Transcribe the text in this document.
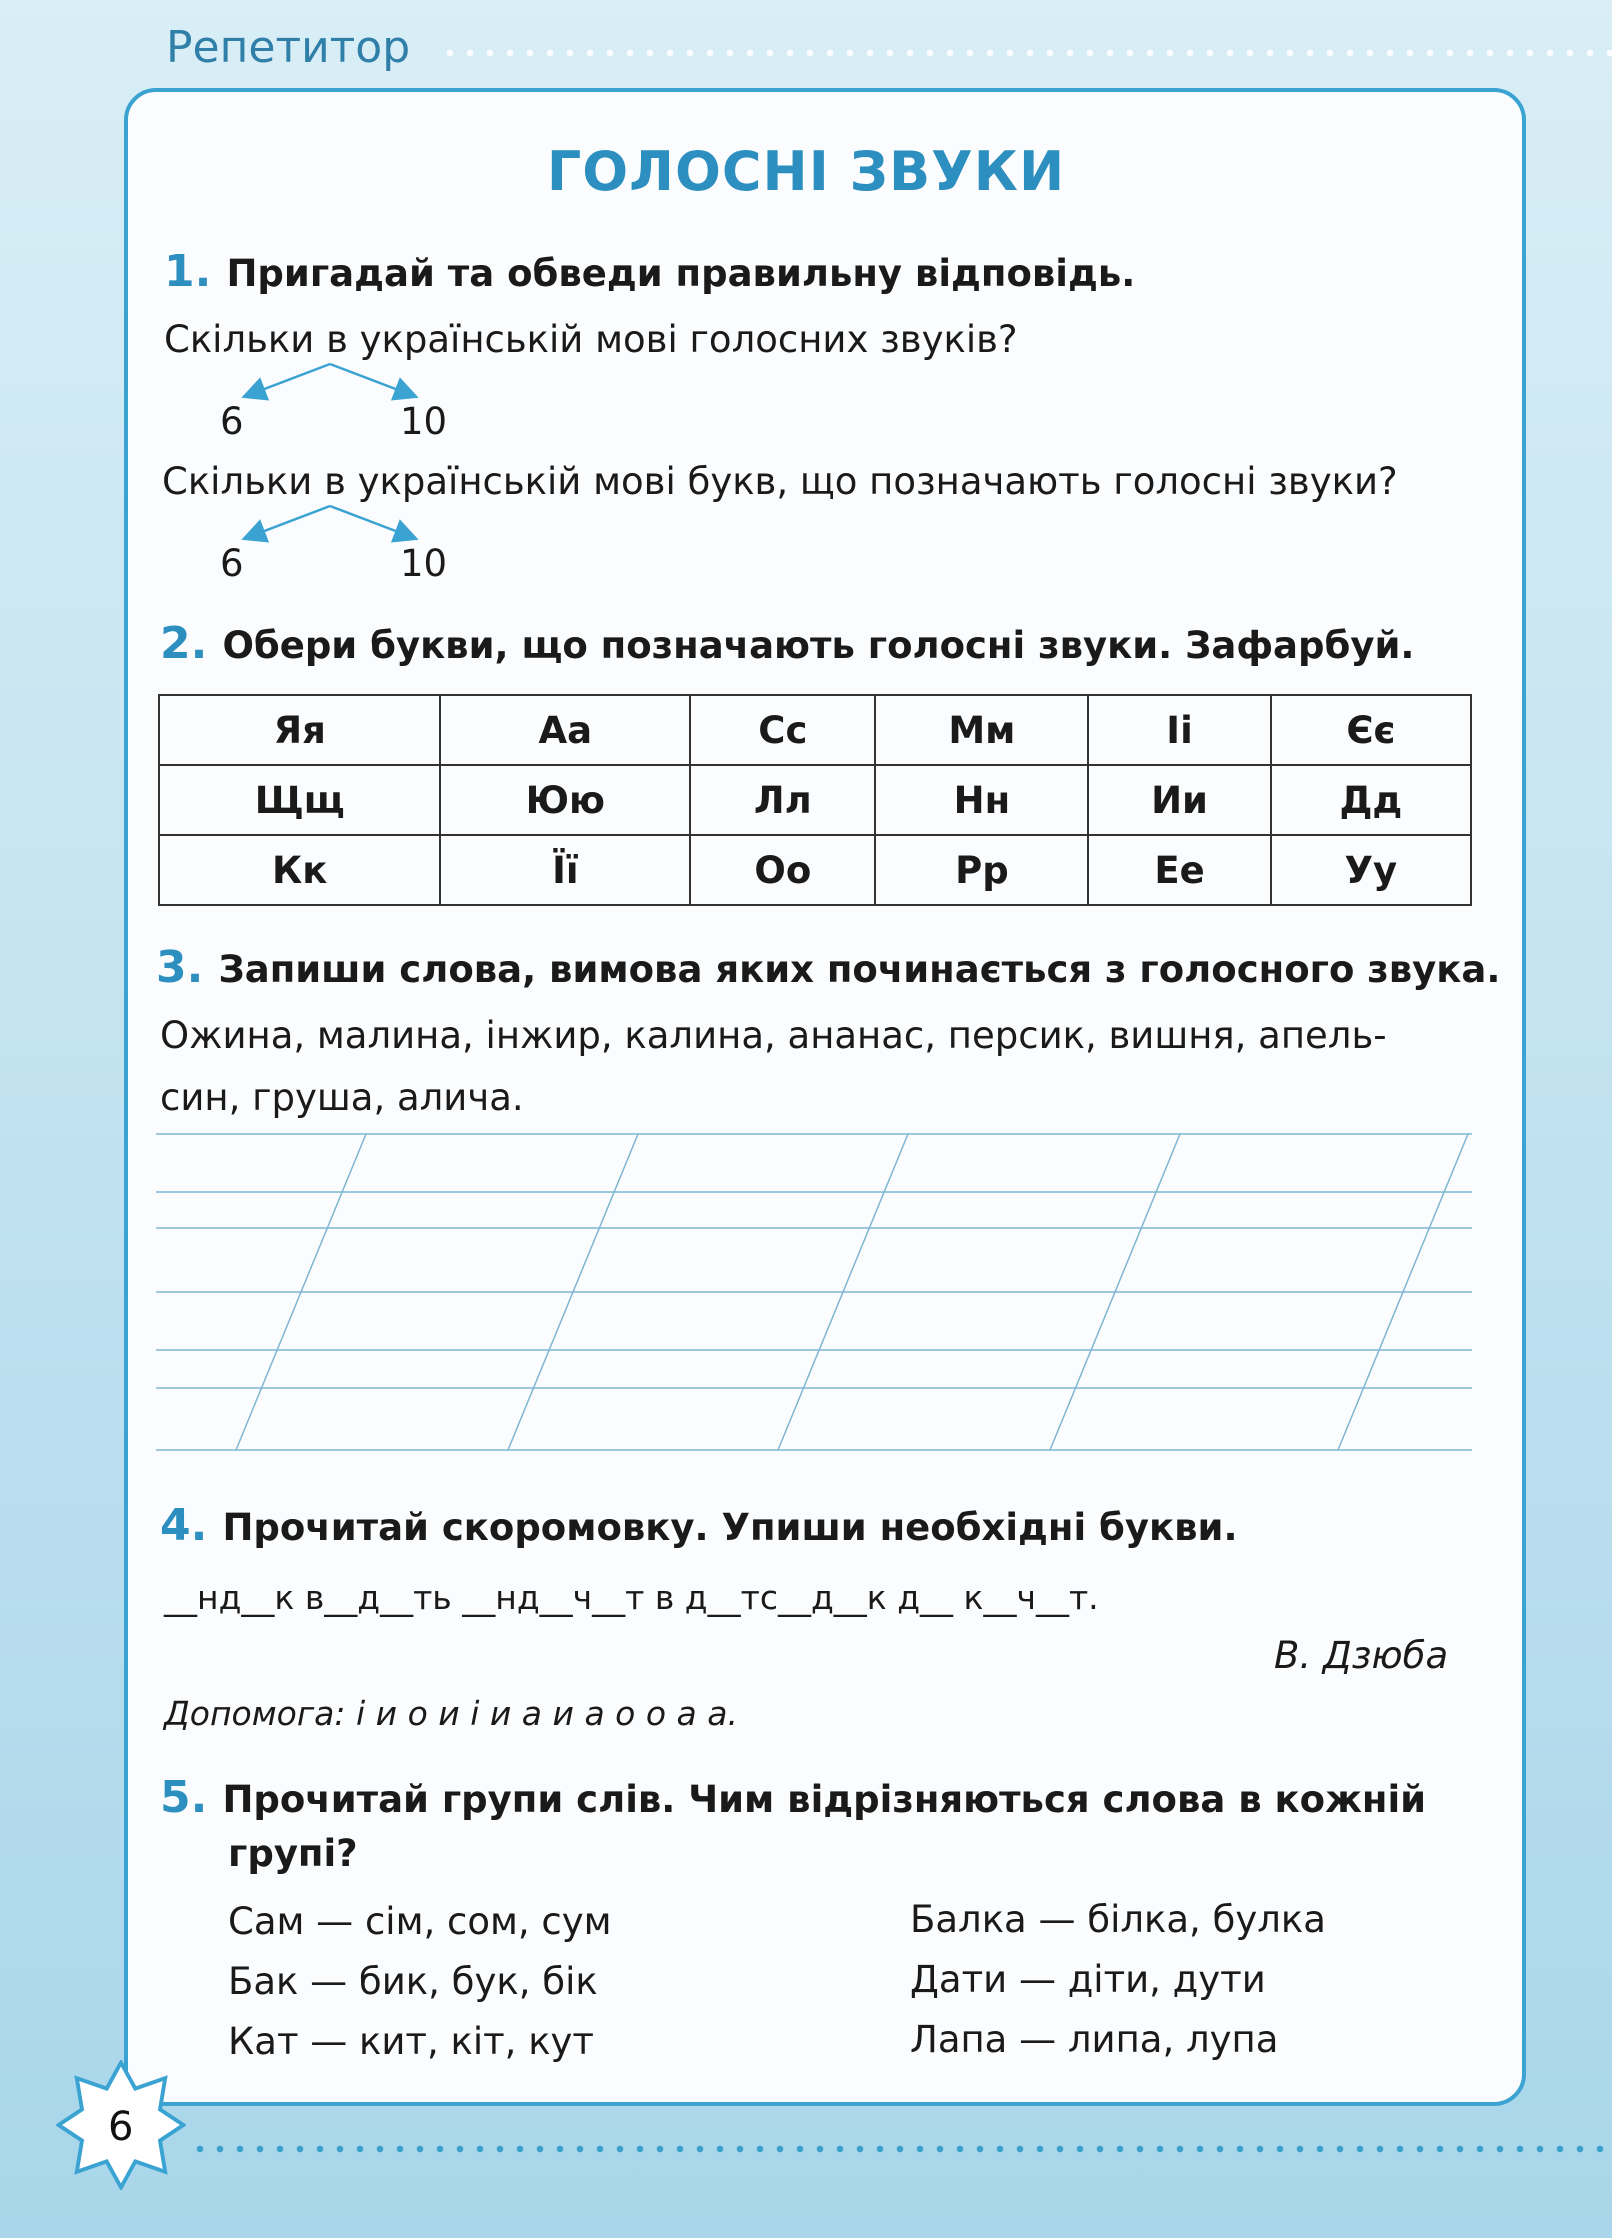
Репетитор
ГОЛОСНІ ЗВУКИ
1. Пригадай та обведи правильну відповідь.
Скільки в українській мові голосних звуків?
6	10
Скільки в українській мові букв, що позначають голосні звуки?
6	10
2. Обери букви, що позначають голосні звуки. Зафарбуй.
Яя	Аа	Сс	Мм	Іі	Єє
Щщ	Юю	Лл	Нн	Ии	Дд
Кк	Її	Оо	Рр	Ее	Уу
3. Запиши слова, вимова яких починається з голосного звука.
Ожина, малина, інжир, калина, ананас, персик, вишня, апель-
син, груша, алича.
4. Прочитай скоромовку. Упиши необхідні букви.
__нд__к в__д__ть __нд__ч__т в д__тс__д__к д__ к__ч__т.
В. Дзюба
Допомога: і и о и і и а и а о о а а.
5. Прочитай групи слів. Чим відрізняються слова в кожній
групі?
Сам — сім, сом, сум
Бак — бик, бук, бік
Кат — кит, кіт, кут
Балка — білка, булка
Дати — діти, дути
Лапа — липа, лупа
6
